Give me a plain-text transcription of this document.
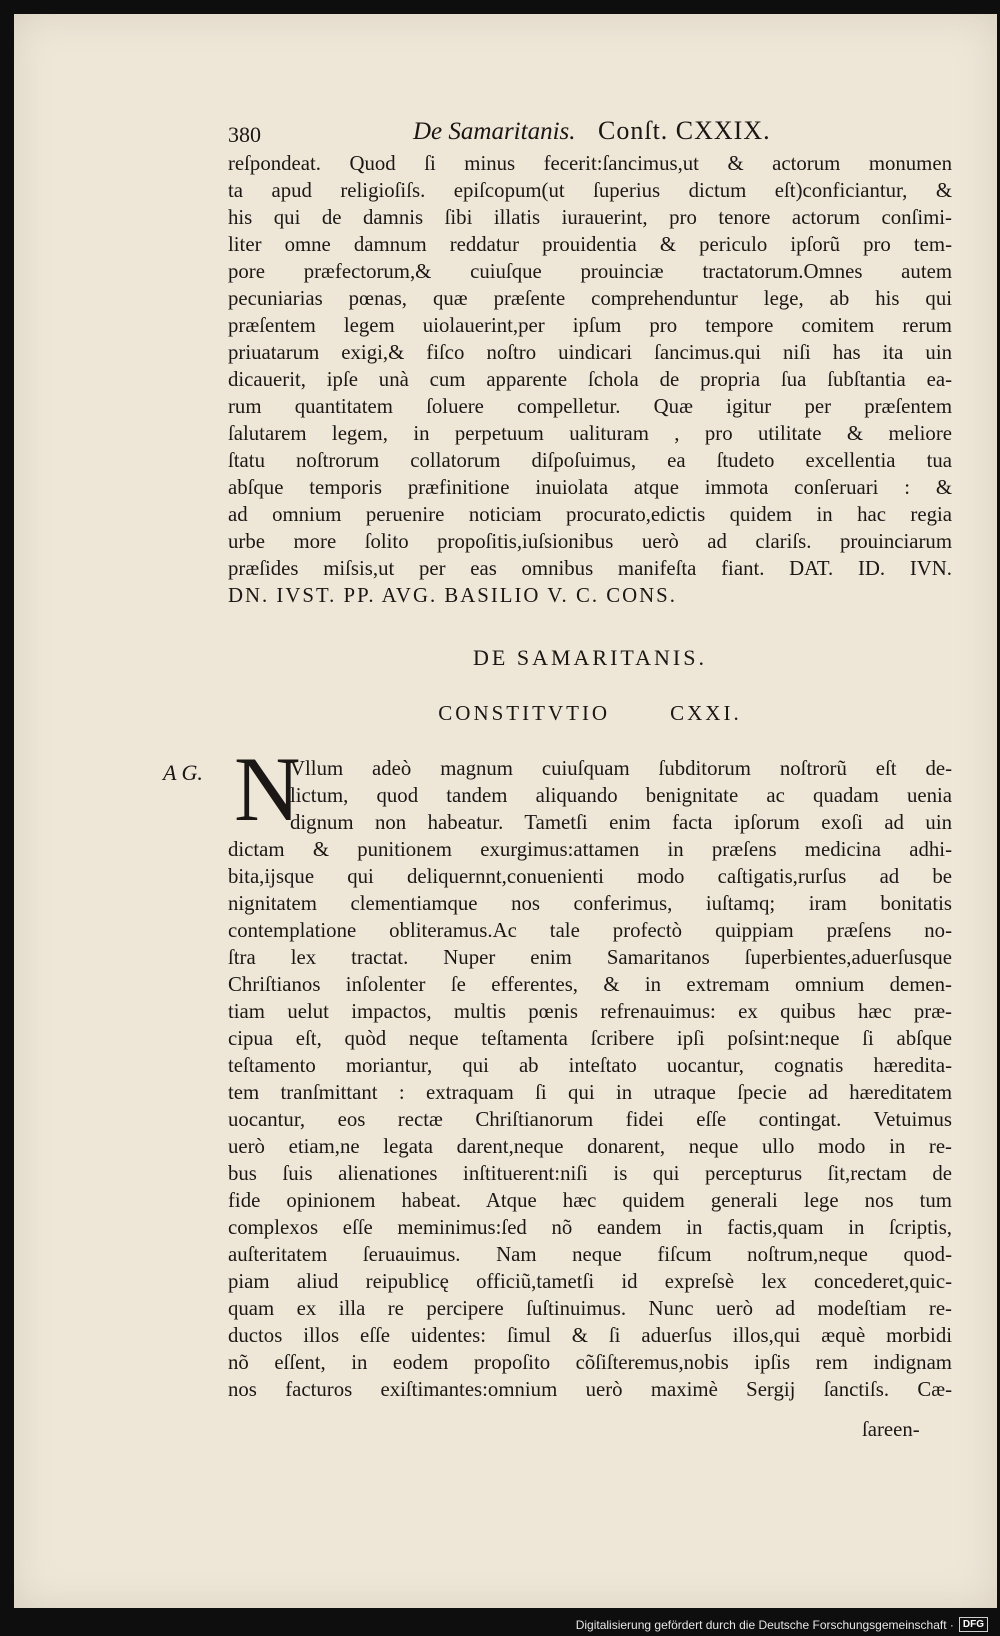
380	De Samaritanis. Conſt. CXXIX.
reſpondeat. Quod ſi minus fecerit:ſancimus,ut & actorum monumen
ta apud religioſiſs. epiſcopum(ut ſuperius dictum eſt)conficiantur, &
his qui de damnis ſibi illatis iurauerint, pro tenore actorum conſimi-
liter omne damnum reddatur prouidentia & periculo ipſorũ pro tem-
pore præfectorum,& cuiuſque prouinciæ tractatorum.Omnes autem
pecuniarias pœnas, quæ præſente comprehenduntur lege, ab his qui
præſentem legem uiolauerint,per ipſum pro tempore comitem rerum
priuatarum exigi,& fiſco noſtro uindicari ſancimus.qui niſi has ita uin
dicauerit, ipſe unà cum apparente ſchola de propria ſua ſubſtantia ea-
rum quantitatem ſoluere compelletur. Quæ igitur per præſentem
ſalutarem legem, in perpetuum ualituram , pro utilitate & meliore
ſtatu noſtrorum collatorum diſpoſuimus, ea ſtudeto excellentia tua
abſque temporis præfinitione inuiolata atque immota conſeruari : &
ad omnium peruenire noticiam procurato,edictis quidem in hac regia
urbe more ſolito propoſitis,iuſsionibus uerò ad clariſs. prouinciarum
præſides miſsis,ut per eas omnibus manifeſta fiant. DAT. ID. IVN.
DN. IVST. PP. AVG. BASILIO V. C. CONS.
DE SAMARITANIS.
CONSTITVTIO	CXXI.
A G. N
Vllum adeò magnum cuiuſquam ſubditorum noſtrorũ eſt de-
lictum, quod tandem aliquando benignitate ac quadam uenia
dignum non habeatur. Tametſi enim facta ipſorum exoſi ad uin
dictam & punitionem exurgimus:attamen in præſens medicina adhi-
bita,ijsque qui deliquernnt,conuenienti modo caſtigatis,rurſus ad be
nignitatem clementiamque nos conferimus, iuſtamq; iram bonitatis
contemplatione obliteramus.Ac tale profectò quippiam præſens no-
ſtra lex tractat. Nuper enim Samaritanos ſuperbientes,aduerſusque
Chriſtianos inſolenter ſe efferentes, & in extremam omnium demen-
tiam uelut impactos, multis pœnis refrenauimus: ex quibus hæc præ-
cipua eſt, quòd neque teſtamenta ſcribere ipſi poſsint:neque ſi abſque
teſtamento moriantur, qui ab inteſtato uocantur, cognatis hæredita-
tem tranſmittant : extraquam ſi qui in utraque ſpecie ad hæreditatem
uocantur, eos rectæ Chriſtianorum fidei eſſe contingat. Vetuimus
uerò etiam,ne legata darent,neque donarent, neque ullo modo in re-
bus ſuis alienationes inſtituerent:niſi is qui percepturus ſit,rectam de
fide opinionem habeat. Atque hæc quidem generali lege nos tum
complexos eſſe meminimus:ſed nõ eandem in factis,quam in ſcriptis,
auſteritatem ſeruauimus. Nam neque fiſcum noſtrum,neque quod-
piam aliud reipublicę officiũ,tametſi id expreſsè lex concederet,quic-
quam ex illa re percipere ſuſtinuimus. Nunc uerò ad modeſtiam re-
ductos illos eſſe uidentes: ſimul & ſi aduerſus illos,qui æquè morbidi
nõ eſſent, in eodem propoſito cõſiſteremus,nobis ipſis rem indignam
nos facturos exiſtimantes:omnium uerò maximè Sergij ſanctiſs. Cæ-
ſareen-
Digitalisierung gefördert durch die Deutsche Forschungsgemeinschaft · DFG
